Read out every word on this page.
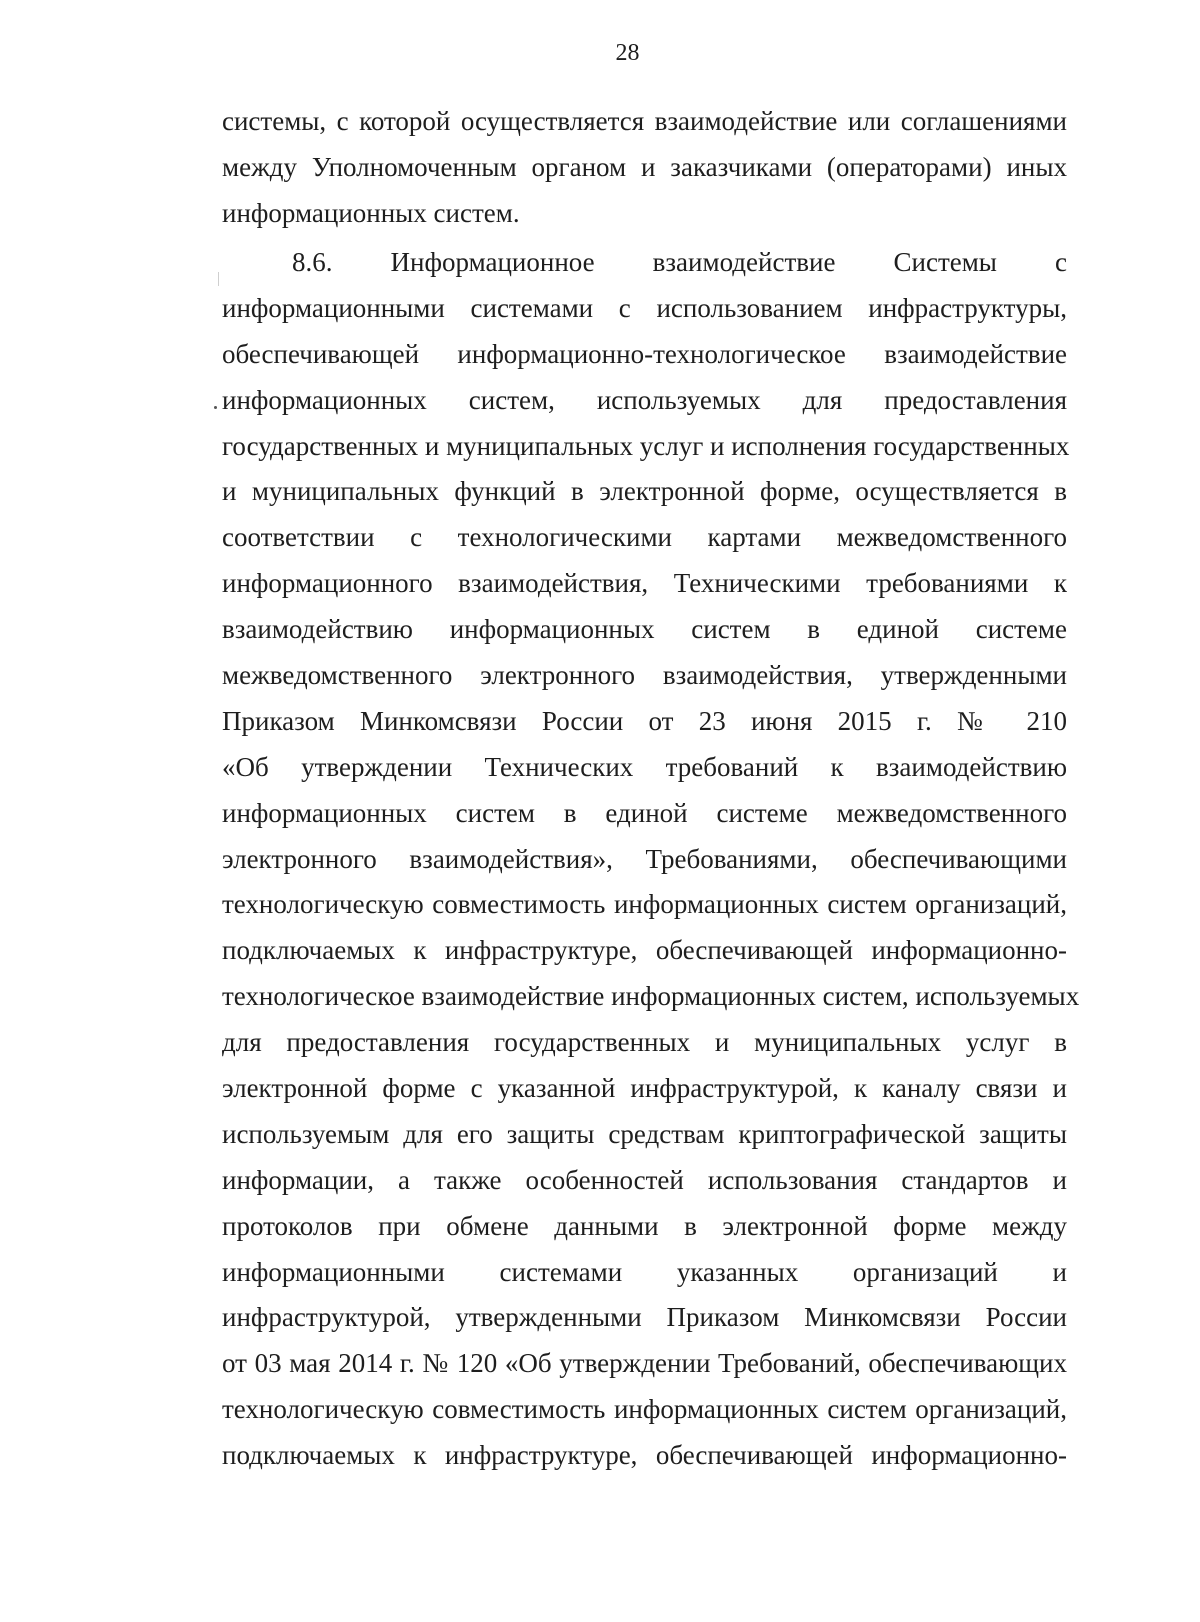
28
системы, с которой осуществляется взаимодействие или соглашениями
между Уполномоченным органом и заказчиками (операторами) иных
информационных систем.
8.6. Информационное взаимодействие Системы с
информационными системами с использованием инфраструктуры,
обеспечивающей информационно-технологическое взаимодействие
информационных систем, используемых для предоставления
государственных и муниципальных услуг и исполнения государственных
и муниципальных функций в электронной форме, осуществляется в
соответствии с технологическими картами межведомственного
информационного взаимодействия, Техническими требованиями к
взаимодействию информационных систем в единой системе
межведомственного электронного взаимодействия, утвержденными
Приказом Минкомсвязи России от 23 июня 2015 г. № 210
«Об утверждении Технических требований к взаимодействию
информационных систем в единой системе межведомственного
электронного взаимодействия», Требованиями, обеспечивающими
технологическую совместимость информационных систем организаций,
подключаемых к инфраструктуре, обеспечивающей информационно-
технологическое взаимодействие информационных систем, используемых
для предоставления государственных и муниципальных услуг в
электронной форме с указанной инфраструктурой, к каналу связи и
используемым для его защиты средствам криптографической защиты
информации, а также особенностей использования стандартов и
протоколов при обмене данными в электронной форме между
информационными системами указанных организаций и
инфраструктурой, утвержденными Приказом Минкомсвязи России
от 03 мая 2014 г. № 120 «Об утверждении Требований, обеспечивающих
технологическую совместимость информационных систем организаций,
подключаемых к инфраструктуре, обеспечивающей информационно-
